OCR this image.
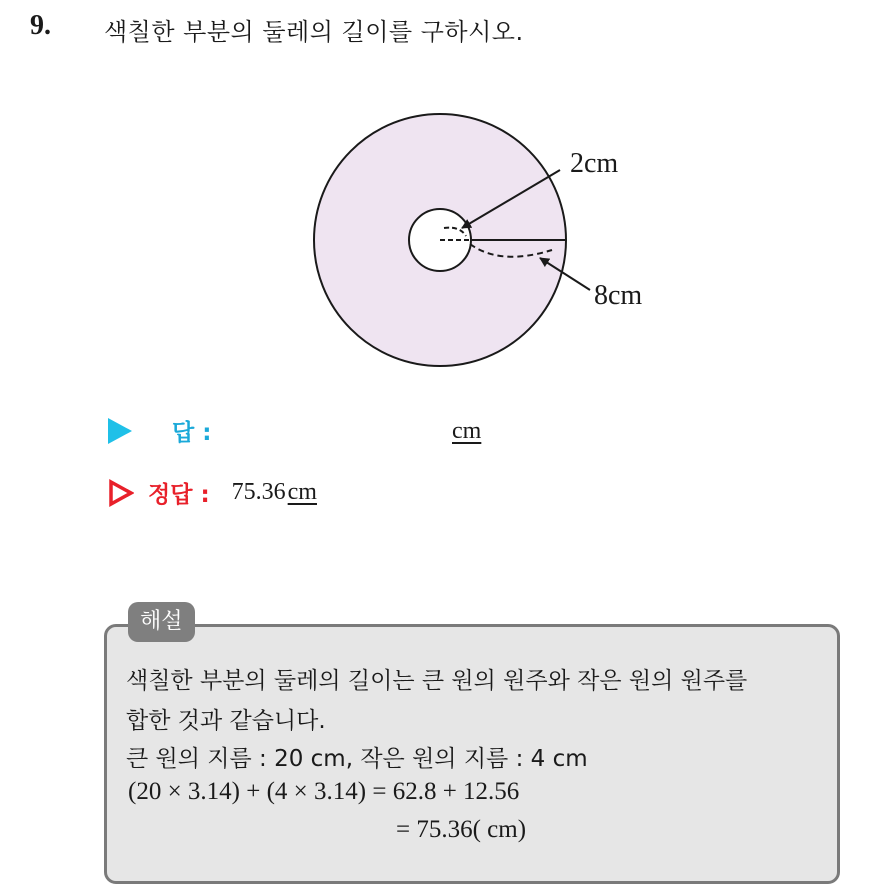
9. 색칠한 부분의 둘레의 길이를 구하시오.
2cm
8cm
답 :	cm
정답 : 75.36 cm
해설
색칠한 부분의 둘레의 길이는 큰 원의 원주와 작은 원의 원주를
합한 것과 같습니다.
큰 원의 지름 : 20 cm, 작은 원의 지름 : 4 cm
(20 × 3.14) + (4 × 3.14) = 62.8 + 12.56
= 75.36( cm)
